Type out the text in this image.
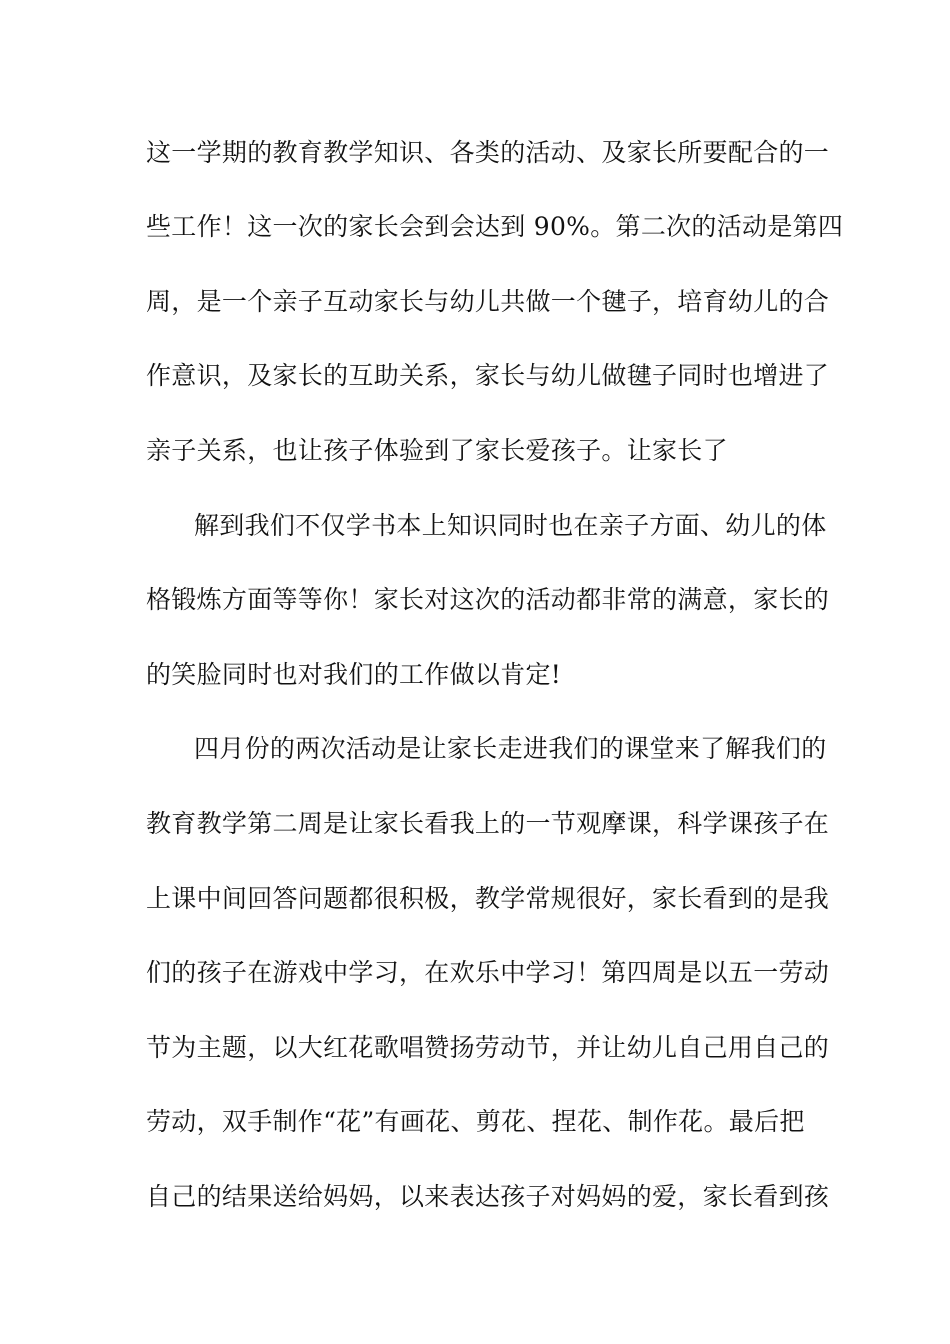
这一学期的教育教学知识、各类的活动、及家长所要配合的一
些工作！这一次的家长会到会达到 90%。第二次的活动是第四
周，是一个亲子互动家长与幼儿共做一个毽子，培育幼儿的合
作意识，及家长的互助关系，家长与幼儿做毽子同时也增进了
亲子关系，也让孩子体验到了家长爱孩子。让家长了
解到我们不仅学书本上知识同时也在亲子方面、幼儿的体
格锻炼方面等等你！家长对这次的活动都非常的满意，家长的
的笑脸同时也对我们的工作做以肯定!
四月份的两次活动是让家长走进我们的课堂来了解我们的
教育教学第二周是让家长看我上的一节观摩课，科学课孩子在
上课中间回答问题都很积极，教学常规很好，家长看到的是我
们的孩子在游戏中学习，在欢乐中学习！第四周是以五一劳动
节为主题，以大红花歌唱赞扬劳动节，并让幼儿自己用自己的
劳动，双手制作“花”有画花、剪花、捏花、制作花。最后把
自己的结果送给妈妈，以来表达孩子对妈妈的爱，家长看到孩
